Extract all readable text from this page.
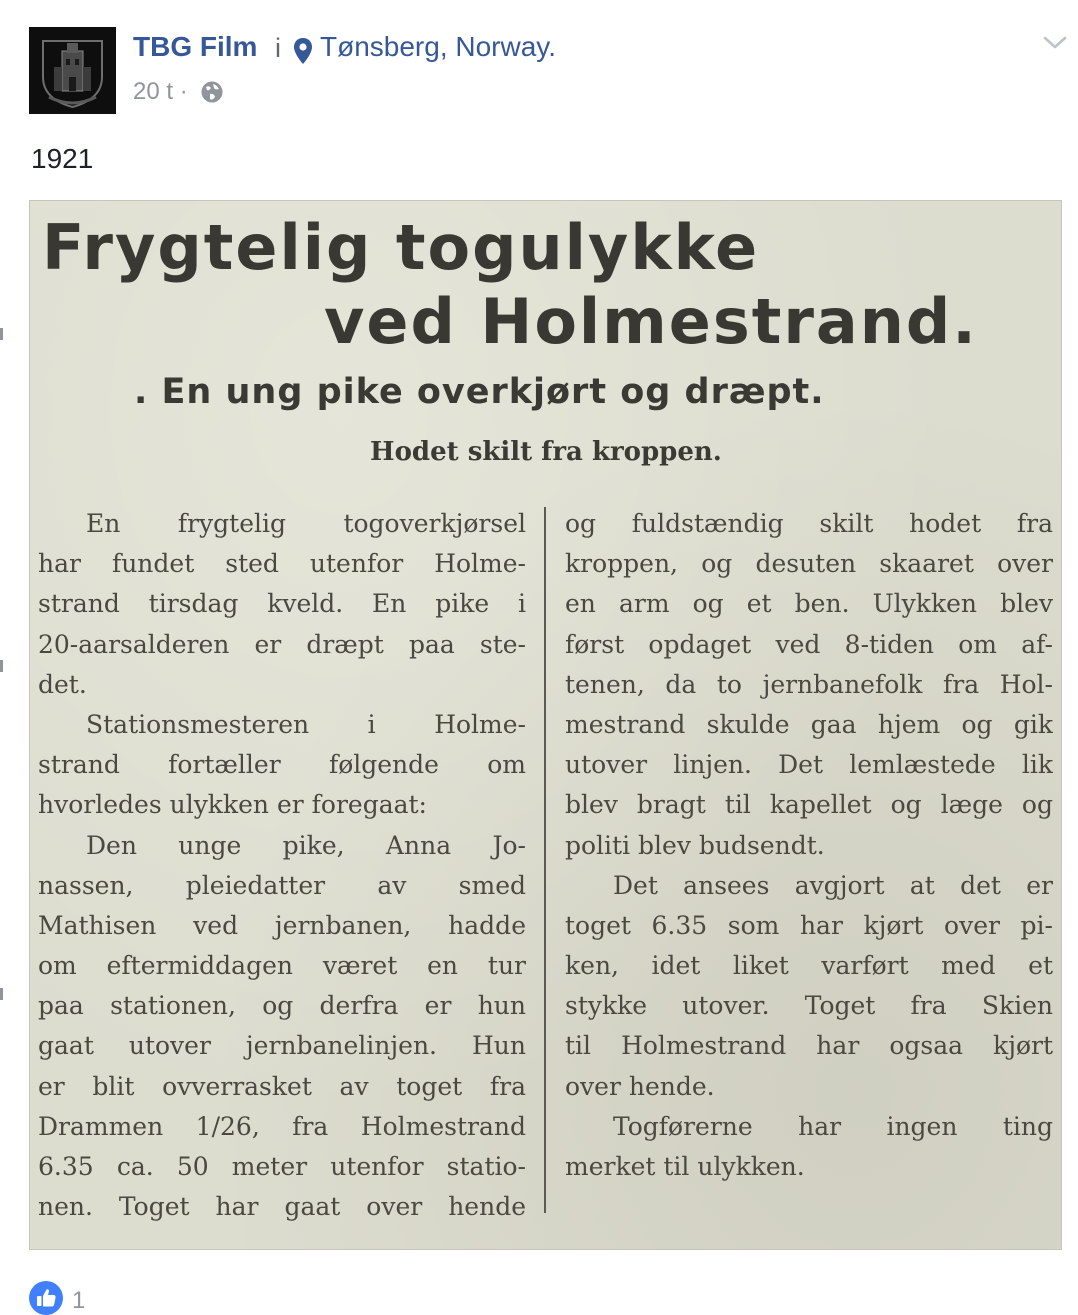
TBG Film i Tønsberg, Norway.
20 t ·
1921
Frygtelig togulykke
ved Holmestrand.
. En ung pike overkjørt og dræpt.
Hodet skilt fra kroppen.
En frygtelig togoverkjørsel
har fundet sted utenfor Holme-
strand tirsdag kveld. En pike i
20-aarsalderen er dræpt paa ste-
det.
Stationsmesteren i Holme-
strand fortæller følgende om
hvorledes ulykken er foregaat:
Den unge pike, Anna Jo-
nassen, pleiedatter av smed
Mathisen ved jernbanen, hadde
om eftermiddagen været en tur
paa stationen, og derfra er hun
gaat utover jernbanelinjen. Hun
er blit ovverrasket av toget fra
Drammen 1/26, fra Holmestrand
6.35 ca. 50 meter utenfor statio-
nen. Toget har gaat over hende
og fuldstændig skilt hodet fra
kroppen, og desuten skaaret over
en arm og et ben. Ulykken blev
først opdaget ved 8-tiden om af-
tenen, da to jernbanefolk fra Hol-
mestrand skulde gaa hjem og gik
utover linjen. Det lemlæstede lik
blev bragt til kapellet og læge og
politi blev budsendt.
Det ansees avgjort at det er
toget 6.35 som har kjørt over pi-
ken, idet liket varført med et
stykke utover. Toget fra Skien
til Holmestrand har ogsaa kjørt
over hende.
Togførerne har ingen ting
merket til ulykken.
1
